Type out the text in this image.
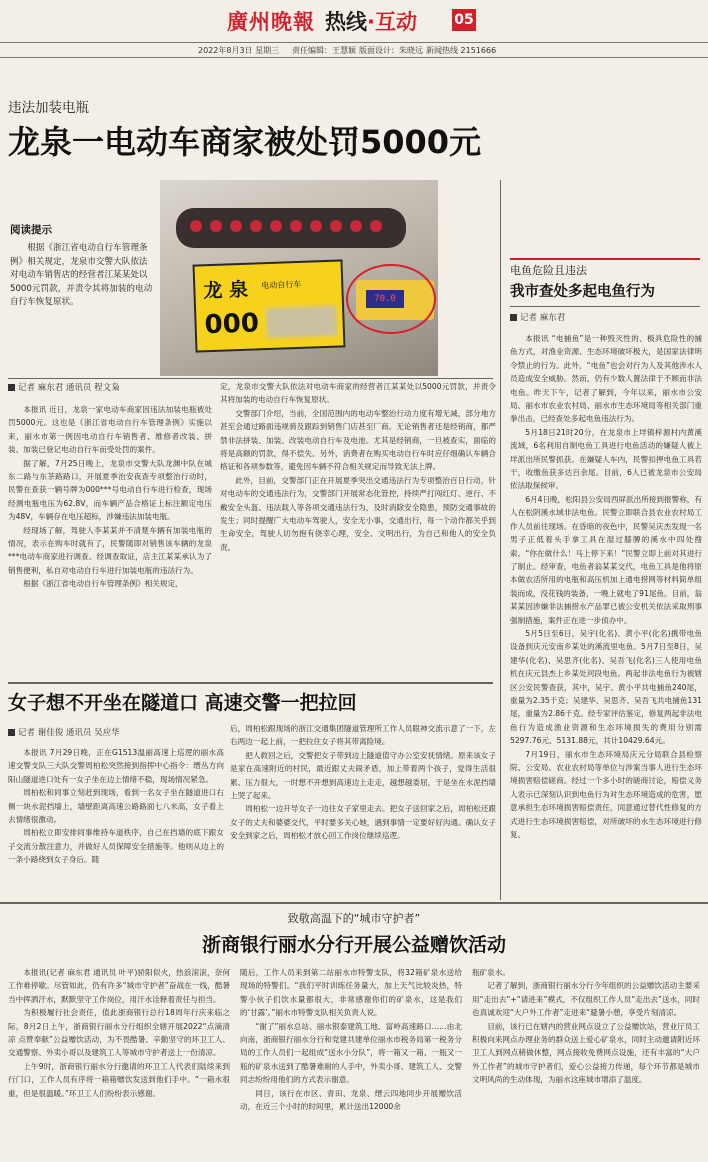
廣州晚報 热线·互动	05
2022年8月3日 星期三 责任编辑：王慧颖 版面设计：朱晓远 新闻热线 2151666
违法加装电瓶
龙泉一电动车商家被处罚5000元
龙 泉 电动自行车
000
70.0
阅读提示
根据《浙江省电动自行车管理条例》相关规定，龙泉市交警大队依法对电动车销售店的经营者江某某处以5000元罚款，并责令其将加装的电动自行车恢复原状。
记者 麻东君 通讯员 程文枭

本报讯 近日，龙泉一家电动车商家因违法加装电瓶被处罚5000元。这也是《浙江省电动自行车管理条例》实施以来，丽水市第一例因电动自行车销售者、维修者改装、拼装、加装已登记电动自行车而受处罚的案件。

据了解，7月25日晚上，龙泉市交警大队龙渊中队在城东二路与东茶路路口，开展夏季治安夜查专项整治行动时，民警在查获一辆号牌为000***号电动自行车进行检查，现场经测电瓶电压为62.8V，而车辆产品合格证上标注额定电压为48V，车辆存在电压超标，涉嫌违法加装电瓶。

经现场了解，驾驶人李某某并不清楚车辆有加装电瓶的情况，表示在购车时就有了，民警随即对销售该车辆的龙泉***电动车商家进行调查。经调查取证，店主江某某承认为了销售便利，私自对电动自行车进行加装电瓶的违法行为。

根据《浙江省电动自行车管理条例》相关规定，

定，龙泉市交警大队依法对电动车商家的经营者江某某处以5000元罚款，并责令其将加装的电动自行车恢复原状。

交警部门介绍，当前，全国范围内的电动车整治行动力度有增无减，部分地方甚至会通过路面违规骑及跟踪到销售门店甚至厂商。无论销售者还是经销商，都严禁非法拼装、加装、改装电动自行车及电池。尤其是经销商，一旦被查实，面临的将是高额的罚款，得不偿失。另外，消费者在购买电动自行车时应仔细确认车辆合格证和各项参数等，避免因车辆不符合相关规定而导致无法上牌。

此外，目前，交警部门正在开展夏季突出交通违法行为专项整治百日行动，针对电动车的交通违法行为，交警部门开展常态化管控，持续严打闯红灯、逆行、不戴安全头盔、违法载人等各项交通违法行为，及时消除安全隐患，预防交通事故的发生；同时提醒广大电动车驾驶人，安全无小事，交通出行，每一个动作都关乎到生命安全，驾驶人切勿抱有侥幸心理，安全、文明出行，为自己和他人的安全负责。

女子想不开坐在隧道口 高速交警一把拉回
记者 谢佳俊 通讯员 吴应华

本报讯 7月29日晚，正在G1513温丽高速上巡逻的丽水高速交警支队三大队交警周柏松突然接到指挥中心指令：缙丛方向阳山隧道进口处有一女子坐在边上情绪不稳，现场情况紧急。

周柏松和同事立刻赶到现场，看到一名女子坐在隧道进口右侧一块水泥挡墙上，墙壁距离高速公路路面七八米高，女子看上去情绪很激动。

周柏松立即安排同事维持车道秩序，自己在挡墙的底下跟女子交流分散注意力，并做好人员保障安全措施等。他则从边上的一条小路绕到女子身后。随

后，周柏松跟现场的浙江交通集团隧道管理所工作人员眼神交流示意了一下，左右两边一起上前，一把拉住女子将其带离险境。

把人救回之后，交警把女子带到边上隧道值守办公室安抚情绪。原来该女子是家在高速附近的村民，最近跟丈夫闹矛盾，加上带着两个孩子，觉得生活很累、压力很大，一时想不开想到高速边上走走，越想越委屈，于是坐在水泥挡墙上哭了起来。

周柏松一边开导女子一边往女子家里走去。把女子送回家之后，周柏松还跟女子的丈夫和婆婆交代，平时要多关心她，遇到事情一定要好好沟通。确认女子安全到家之后，周柏松才放心回工作岗位继续巡逻。

电鱼危险且违法
我市查处多起电鱼行为
记者 麻东君

本报讯 “电捕鱼”是一种毁灭性的、极具危险性的捕鱼方式，对渔业资源、生态环境破坏极大，是国家法律明令禁止的行为。此外，“电鱼”也会对行为人及其他涉水人员造成安全威胁。然而，仍有少数人置法律于不顾而非法电鱼。昨天下午，记者了解到，今年以来，丽水市公安局、丽水市农业农村局、丽水市生态环境局等相关部门重拳出击，已经查处多起电鱼违法行为。

5月18日21时20分，在龙泉市上垟镇梓源村内黄溪流域，6名利用自制电鱼工具进行电鱼活动的嫌疑人被上垟派出所民警抓获。在嫌疑人车内，民警扣押电鱼工具若干，收缴鱼获多达百余尾。目前，6人已被龙泉市公安局依法取保候审。

6月4日晚，松阳县公安局西屏派出所接到报警称，有人在松阴溪水域非法电鱼。民警立即联合县农业农村局工作人员前往现场。在昏暗的夜色中，民警吴庆杰发现一名男子正低着头手拿工具在湿过膝膊的溪水中四处搜索。“你在做什么！马上停下来！”民警立即上前对其进行了制止。经审查，电鱼者翁某某交代，电鱼工具是他将原本做农活所用的电瓶和高压机加上通电捞网等材料简单组装而成，没花钱的装备，一晚上就电了91尾鱼。目前，翁某某因涉嫌非法捕捞水产品罪已被公安机关依法采取刑事强制措施，案件正在进一步侦办中。

5月5日至6日，吴宇(化名)、黄小平(化名)携带电鱼设备到庆元安南乡某处的溪流里电鱼。5月7日至8日，吴建华(化名)、吴思齐(化名)、吴吾飞(化名)三人使用电鱼机在庆元县杰上乡某处河段电鱼。两起非法电鱼行为被辖区公安民警查获，其中，吴宇、黄小平共电捕鱼240尾，重量为2.35千克；吴建华、吴思齐、吴吾飞共电捕鱼131尾，重量为2.86千克。经专家评估鉴定，修复两起非法电鱼行为造成渔业资源和生态环境损失的费用分别需5297.76元、5131.88元，共计10429.64元。

7月19日，丽水市生态环境局庆元分局联合县检察院、公安局、农业农村局等单位与涉案当事人进行生态环境损害赔偿磋商。经过一个多小时的磋商讨论，赔偿义务人表示已深刻认识到电鱼行为对生态环境造成的危害，愿意承担生态环境损害赔偿责任，同意通过替代性修复的方式进行生态环境损害赔偿，对所破坏的水生态环境进行修复。

致敬高温下的“城市守护者”
浙商银行丽水分行开展公益赠饮活动

本报讯(记者 麻东君 通讯员 叶平)骄阳似火，热浪滚滚，奈何工作难停歇。尽管如此，仍有许多“城市守护者”奋战在一线，酷暑当中挥洒汗水，默默坚守工作岗位，用汗水诠释着责任与担当。

为积极履行社会责任，值此浙商银行总行18周年行庆来临之际，8月2日上午，浙商银行丽水分行组织全辖开展2022“点滴清凉 点赞奉献”公益赠饮活动，为不畏酷暑、辛勤坚守的环卫工人、交通警察、外卖小哥以及建筑工人等城市守护者送上一份清凉。

上午9时，浙商银行丽水分行邀请的环卫工人代表们陆续来到行门口，工作人员有序将一箱箱赠饮发送到他们手中。“一箱水很重，但是很温暖。”环卫工人们纷纷表示感谢。

随后，工作人员来到第二站丽水市特警支队，将32箱矿泉水送给现场的特警们。“我们平时训练任务量大，加上天气比较炎热，特警小伙子们饮水量都很大，非常感谢你们的矿泉水，这是我们的‘甘露’。”丽水市特警支队相关负责人说。

“谢了”丽水总站、丽水银泰建筑工地、富岭高速路口……由北向南，浙商银行丽水分行和党建共建单位丽水市税务局第一税务分局的工作人员们一起组成“送水小分队”，将一箱又一箱、一瓶又一瓶的矿泉水送到了酷暑难耐的人手中，外卖小哥、建筑工人、交警同志纷纷用他们的方式表示谢意。

同日，该行在市区、青田、龙泉、缙云四地同步开展赠饮活动，在近三个小时的时间里，累计送出12000余

瓶矿泉水。

记者了解到，浙商银行丽水分行今年组织的公益赠饮活动主要采用“走出去”+“请进来”模式，不仅组织工作人员“走出去”送水，同时也真诚欢迎“大户外工作者”走进来“避暑小憩，享受片刻清凉。

目前，该行已在辖内的营业网点设立了公益赠饮站，营业厅员工积极向来网点办理业务的群众送上爱心矿泉水，同时主动邀请附近环卫工人到网点稍做休整，网点接收免费网点设施，还有丰富的“大户外工作者”的城市守护者们，爱心公益接力传递，每个环节都是城市文明风尚的生动体现，为丽水这座城市增添了温度。
